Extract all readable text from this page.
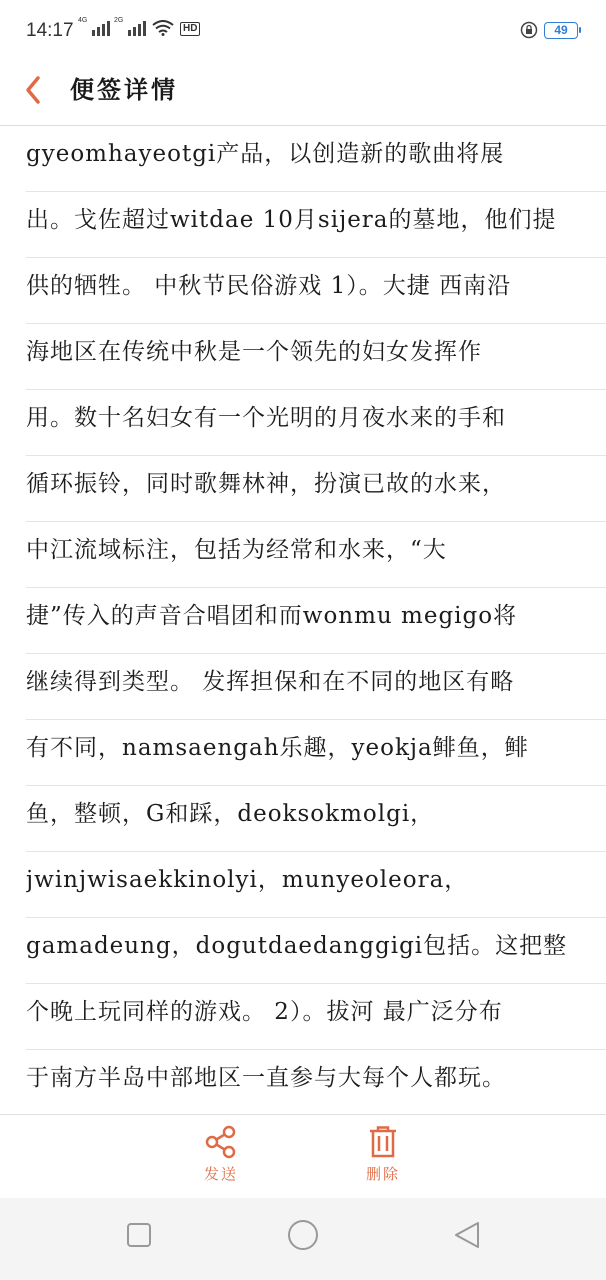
14:17 4G	2G
HD	49
便签详情
gyeomhayeotgi产品，以创造新的歌曲将展
出。戈佐超过witdae 10月sijera的墓地，他们提
供的牺牲。 中秋节民俗游戏 1）。大捷 西南沿
海地区在传统中秋是一个领先的妇女发挥作
用。数十名妇女有一个光明的月夜水来的手和
循环振铃，同时歌舞林神，扮演已故的水来，
中江流域标注，包括为经常和水来，“大
捷”传入的声音合唱团和而wonmu megigo将
继续得到类型。 发挥担保和在不同的地区有略
有不同，namsaengah乐趣，yeokja鲱鱼，鲱
鱼，整顿，G和踩，deoksokmolgi，
jwinjwisaekkinolyi，munyeoleora，
gamadeung，dogutdaedanggigi包括。这把整
个晚上玩同样的游戏。 2）。拔河 最广泛分布
于南方半岛中部地区一直参与大每个人都玩。
发送	删除
